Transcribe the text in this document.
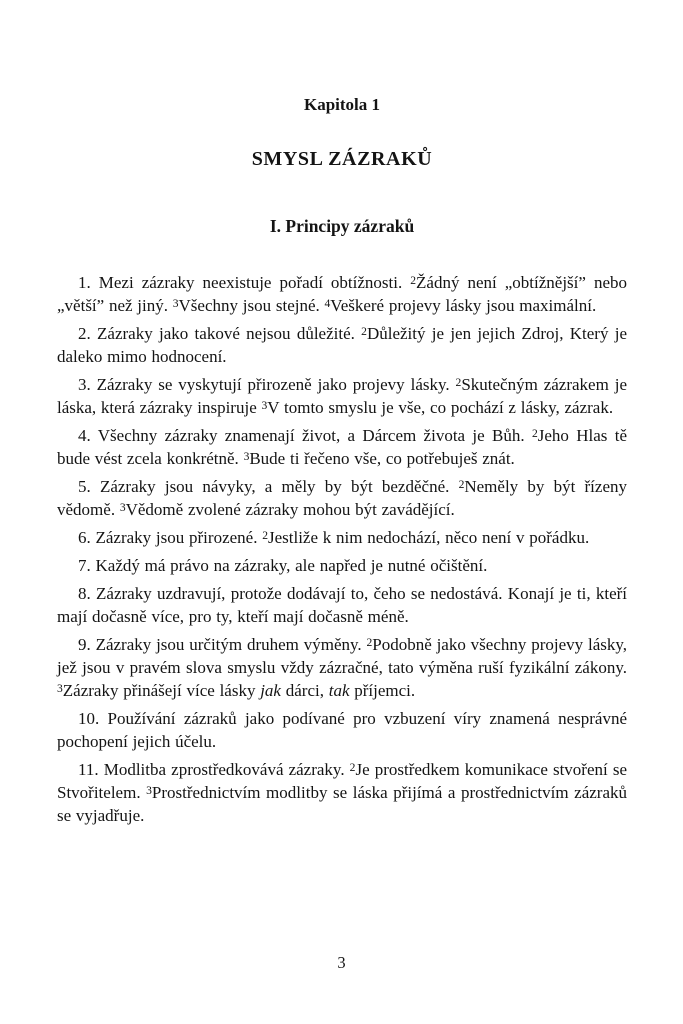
Kapitola 1
SMYSL ZÁZRAKŮ
I. Principy zázraků

1. Mezi zázraky neexistuje pořadí obtížnosti. $^2$Žádný není „obtížnější” nebo „větší” než jiný. $^3$Všechny jsou stejné. $^4$Veškeré projevy lásky jsou maximální.

2. Zázraky jako takové nejsou důležité. $^2$Důležitý je jen jejich Zdroj, Který je daleko mimo hodnocení.

3. Zázraky se vyskytují přirozeně jako projevy lásky. $^2$Skutečným zázrakem je láska, která zázraky inspiruje $^3$V tomto smyslu je vše, co pochází z lásky, zázrak.

4. Všechny zázraky znamenají život, a Dárcem života je Bůh. $^2$Jeho Hlas tě bude vést zcela konkrétně. $^3$Bude ti řečeno vše, co potřebuješ znát.

5. Zázraky jsou návyky, a měly by být bezděčné. $^2$Neměly by být řízeny vědomě. $^3$Vědomě zvolené zázraky mohou být zavádějící.

6. Zázraky jsou přirozené. $^2$Jestliže k nim nedochází, něco není v pořádku.

7. Každý má právo na zázraky, ale napřed je nutné očištění.

8. Zázraky uzdravují, protože dodávají to, čeho se nedostává. Konají je ti, kteří mají dočasně více, pro ty, kteří mají dočasně méně.

9. Zázraky jsou určitým druhem výměny. $^2$Podobně jako všechny projevy lásky, jež jsou v pravém slova smyslu vždy zázračné, tato výměna ruší fyzikální zákony. $^3$Zázraky přinášejí více lásky jak dárci, tak příjemci.

10. Používání zázraků jako podívané pro vzbuzení víry znamená nesprávné pochopení jejich účelu.

11. Modlitba zprostředkovává zázraky. $^2$Je prostředkem komunikace stvoření se Stvořitelem. $^3$Prostřednictvím modlitby se láska přijímá a prostřednictvím zázraků se vyjadřuje.

3
